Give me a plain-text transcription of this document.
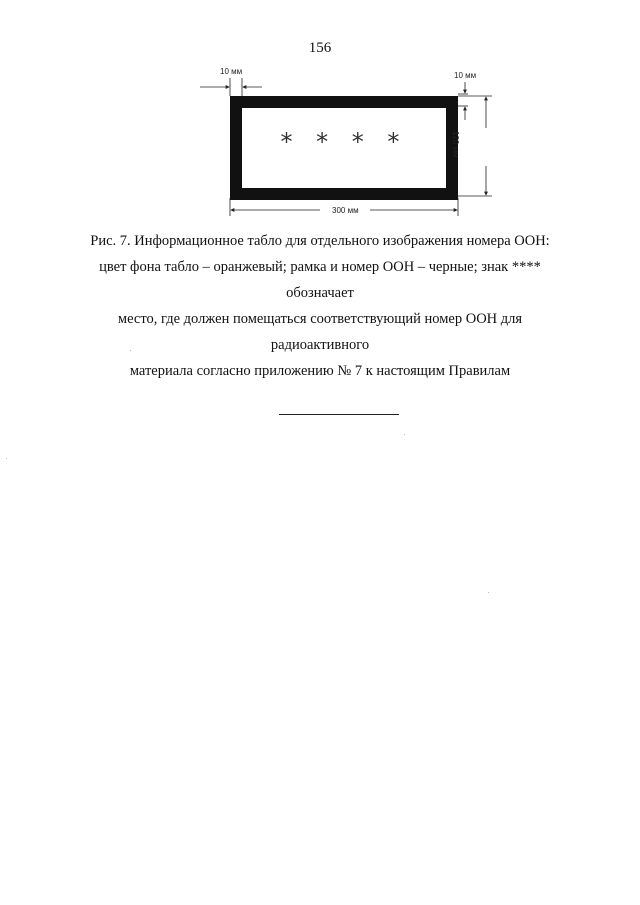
156
* * * *
10 мм	10 мм
120 мм
300 мм

Рис. 7. Информационное табло для отдельного изображения номера ООН:

цвет фона табло – оранжевый; рамка и номер ООН – черные; знак **** обозначает

место, где должен помещаться соответствующий номер ООН для радиоактивного

материала согласно приложению № 7 к настоящим Правилам
